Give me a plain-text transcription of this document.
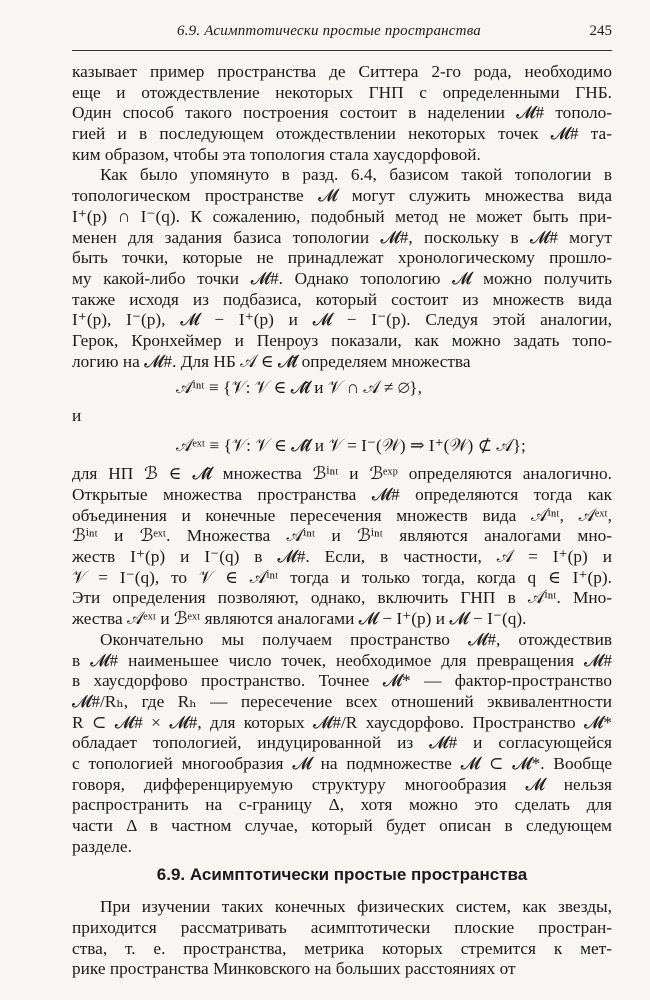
6.9. Асимптотически простые пространства	245
казывает пример пространства де Ситтера 2-го рода, необходимо
еще и отождествление некоторых ГНП с определенными ГНБ.
Один способ такого построения состоит в наделении 𝓜# тополо-
гией и в последующем отождествлении некоторых точек 𝓜# та-
ким образом, чтобы эта топология стала хаусдорфовой.
Как было упомянуто в разд. 6.4, базисом такой топологии в
топологическом пространстве 𝓜 могут служить множества вида
I⁺(p) ∩ I⁻(q). К сожалению, подобный метод не может быть при-
менен для задания базиса топологии 𝓜#, поскольку в 𝓜# могут
быть точки, которые не принадлежат хронологическому прошло-
му какой-либо точки 𝓜#. Однако топологию 𝓜 можно получить
также исходя из подбазиса, который состоит из множеств вида
I⁺(p), I⁻(p), 𝓜 − I⁺(p) и 𝓜 − I⁻(p). Следуя этой аналогии,
Герок, Кронхеймер и Пенроуз показали, как можно задать топо-
логию на 𝓜#. Для НБ 𝒜 ∈ 𝓜̌ определяем множества
𝒜ⁱⁿᵗ ≡ {𝒱: 𝒱 ∈ 𝓜̂ и 𝒱 ∩ 𝒜 ≠ ∅},
и
𝒜ᵉˣᵗ ≡ {𝒱: 𝒱 ∈ 𝓜̂ и 𝒱 = I⁻(𝒲) ⇒ I⁺(𝒲) ⊄ 𝒜};
для НП ℬ ∈ 𝓜̂ множества ℬⁱⁿᵗ и ℬᵉˣᵖ определяются аналогично.
Открытые множества пространства 𝓜# определяются тогда как
объединения и конечные пересечения множеств вида 𝒜ⁱⁿᵗ, 𝒜ᵉˣᵗ,
ℬⁱⁿᵗ и ℬᵉˣᵗ. Множества 𝒜ⁱⁿᵗ и ℬⁱⁿᵗ являются аналогами мно-
жеств I⁺(p) и I⁻(q) в 𝓜#. Если, в частности, 𝒜 = I⁺(p) и
𝒱 = I⁻(q), то 𝒱 ∈ 𝒜ⁱⁿᵗ тогда и только тогда, когда q ∈ I⁺(p).
Эти определения позволяют, однако, включить ГНП в 𝒜ⁱⁿᵗ. Мно-
жества 𝒜ᵉˣᵗ и ℬᵉˣᵗ являются аналогами 𝓜 − I⁺(p) и 𝓜 − I⁻(q).
Окончательно мы получаем пространство 𝓜#, отождествив
в 𝓜# наименьшее число точек, необходимое для превращения 𝓜#
в хаусдорфово пространство. Точнее 𝓜* — фактор-пространство
𝓜#/Rₕ, где Rₕ — пересечение всех отношений эквивалентности
R ⊂ 𝓜# × 𝓜#, для которых 𝓜#/R хаусдорфово. Пространство 𝓜*
обладает топологией, индуцированной из 𝓜# и согласующейся
с топологией многообразия 𝓜 на подмножестве 𝓜 ⊂ 𝓜*. Вообще
говоря, дифференцируемую структуру многообразия 𝓜 нельзя
распространить на c-границу Δ, хотя можно это сделать для
части Δ в частном случае, который будет описан в следующем
разделе.
6.9. Асимптотически простые пространства
При изучении таких конечных физических систем, как звезды,
приходится рассматривать асимптотически плоские простран-
ства, т. е. пространства, метрика которых стремится к мет-
рике пространства Минковского на больших расстояниях от
